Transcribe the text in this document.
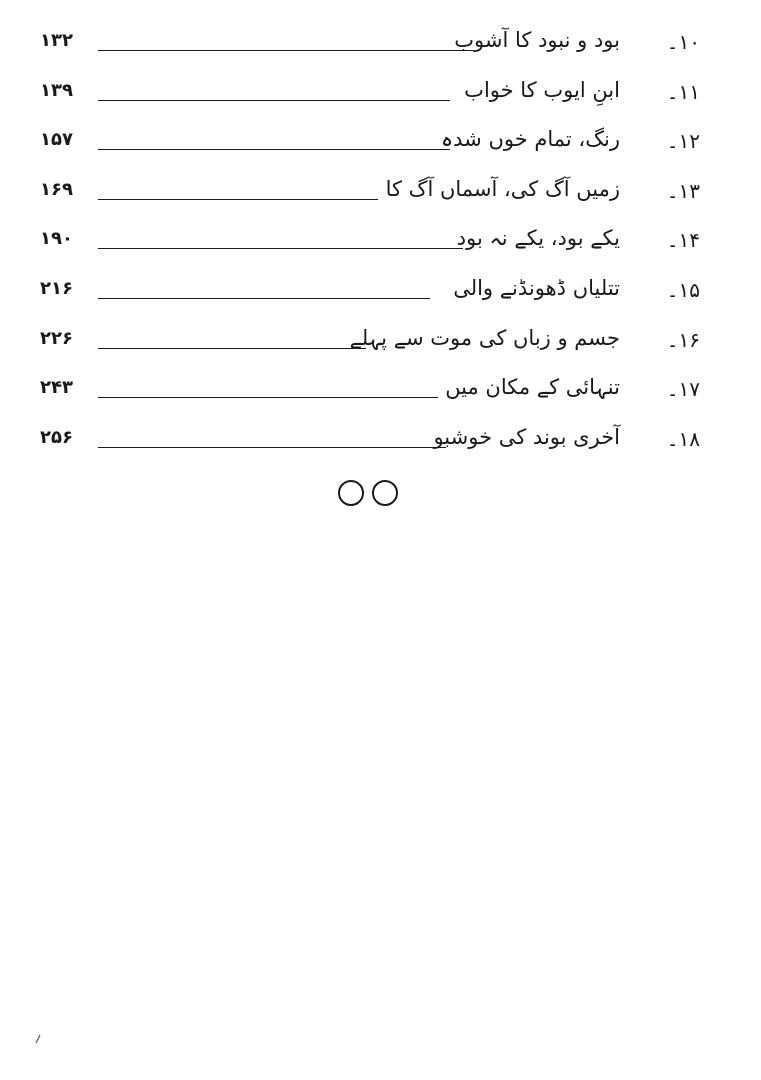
۱۰۔
بود و نبود کا آشوب
۱۳۲
۱۱۔
ابنِ ایوب کا خواب
۱۳۹
۱۲۔
رنگ، تمام خوں شدہ
۱۵۷
۱۳۔
زمیں آگ کی، آسماں آگ کا
۱۶۹
۱۴۔
یکے بود، یکے نہ بود
۱۹۰
۱۵۔
تتلیاں ڈھونڈنے والی
۲۱۶
۱۶۔
جسم و زباں کی موت سے پہلے
۲۲۶
۱۷۔
تنہائی کے مکان میں
۲۴۳
۱۸۔
آخری بوند کی خوشبو
۲۵۶
